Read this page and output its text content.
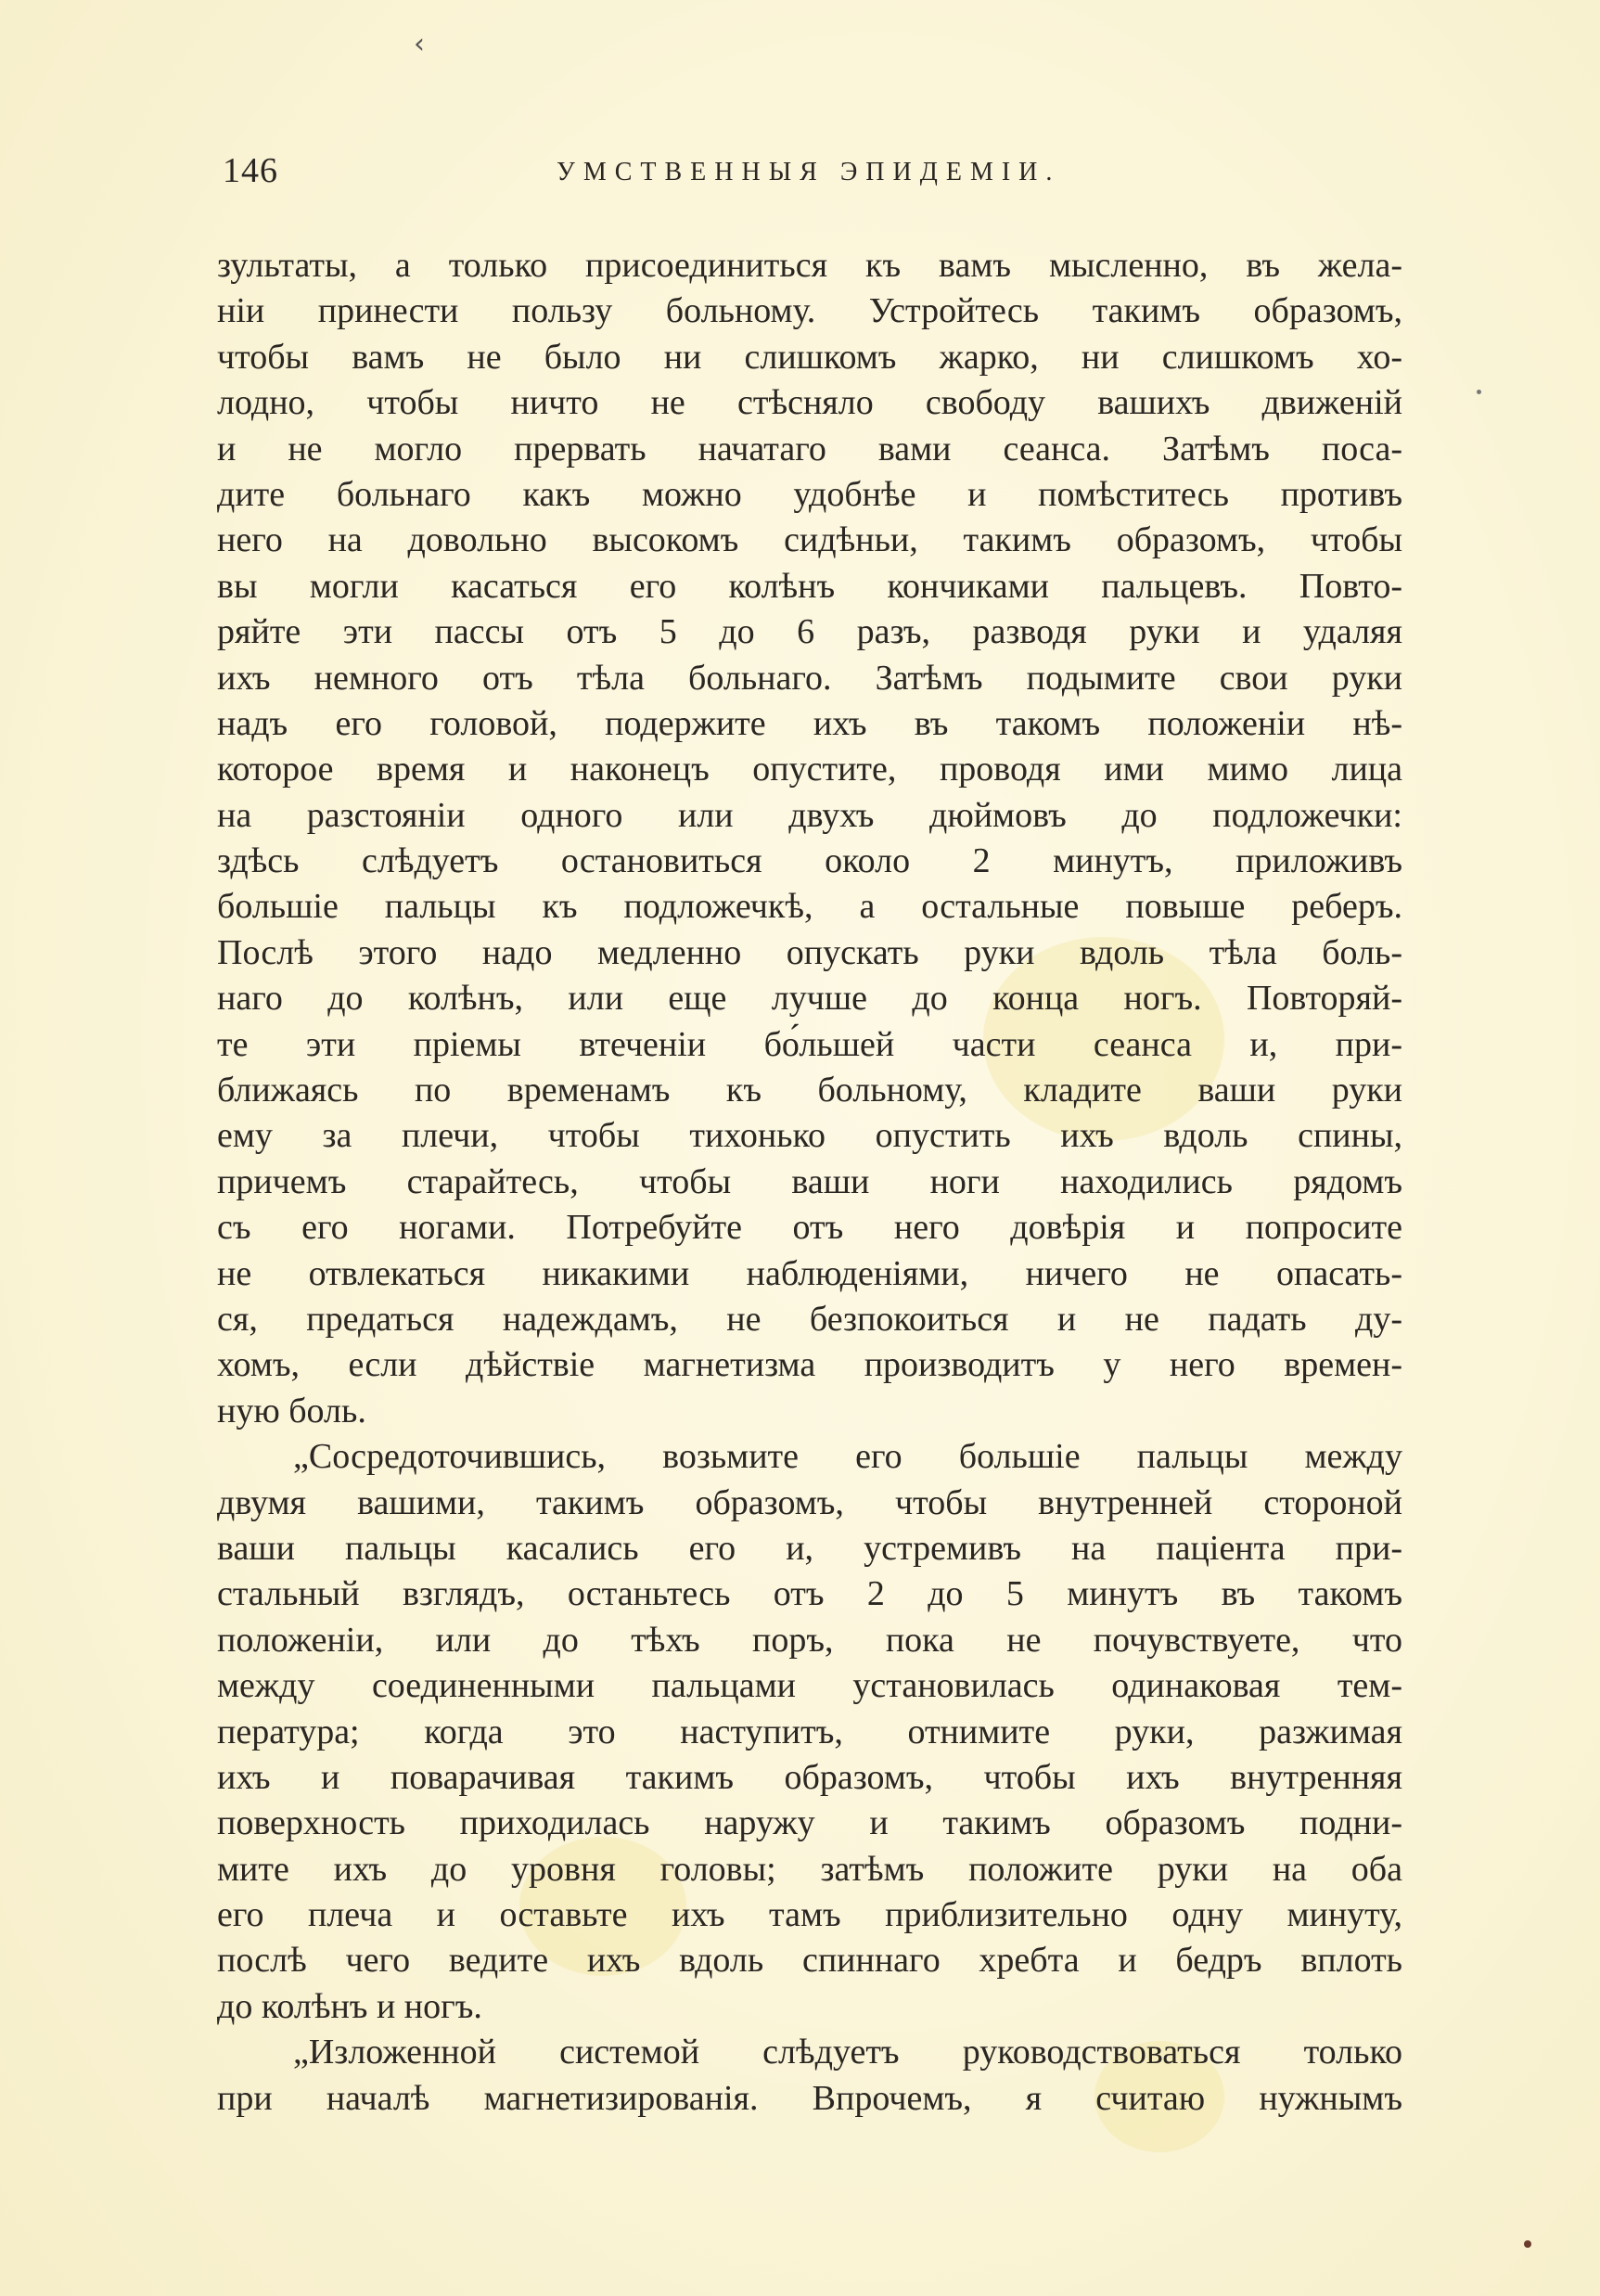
‹
146	УМСТВЕННЫЯ ЭПИДЕМІИ.
зультаты, а только присоединиться къ вамъ мысленно, въ жела-
ніи принести пользу больному. Устройтесь такимъ образомъ,
чтобы вамъ не было ни слишкомъ жарко, ни слишкомъ хо-
лодно, чтобы ничто не стѣсняло свободу вашихъ движеній
и не могло прервать начатаго вами сеанса. Затѣмъ поса-
дите больнаго какъ можно удобнѣе и помѣститесь противъ
него на довольно высокомъ сидѣньи, такимъ образомъ, чтобы
вы могли касаться его колѣнъ кончиками пальцевъ. Повто-
ряйте эти пассы отъ 5 до 6 разъ, разводя руки и удаляя
ихъ немного отъ тѣла больнаго. Затѣмъ подымите свои руки
надъ его головой, подержите ихъ въ такомъ положеніи нѣ-
которое время и наконецъ опустите, проводя ими мимо лица
на разстояніи одного или двухъ дюймовъ до подложечки:
здѣсь слѣдуетъ остановиться около 2 минутъ, приложивъ
большіе пальцы къ подложечкѣ, а остальные повыше реберъ.
Послѣ этого надо медленно опускать руки вдоль тѣла боль-
наго до колѣнъ, или еще лучше до конца ногъ. Повторяй-
те эти пріемы втеченіи бо́льшей части сеанса и, при-
ближаясь по временамъ къ больному, кладите ваши руки
ему за плечи, чтобы тихонько опустить ихъ вдоль спины,
причемъ старайтесь, чтобы ваши ноги находились рядомъ
съ его ногами. Потребуйте отъ него довѣрія и попросите
не отвлекаться никакими наблюденіями, ничего не опасать-
ся, предаться надеждамъ, не безпокоиться и не падать ду-
хомъ, если дѣйствіе магнетизма производитъ у него времен-
ную боль.
„Сосредоточившись, возьмите его большіе пальцы между
двумя вашими, такимъ образомъ, чтобы внутренней стороной
ваши пальцы касались его и, устремивъ на паціента при-
стальный взглядъ, останьтесь отъ 2 до 5 минутъ въ такомъ
положеніи, или до тѣхъ поръ, пока не почувствуете, что
между соединенными пальцами установилась одинаковая тем-
пература; когда это наступитъ, отнимите руки, разжимая
ихъ и поварачивая такимъ образомъ, чтобы ихъ внутренняя
поверхность приходилась наружу и такимъ образомъ подни-
мите ихъ до уровня головы; затѣмъ положите руки на оба
его плеча и оставьте ихъ тамъ приблизительно одну минуту,
послѣ чего ведите ихъ вдоль спиннаго хребта и бедръ вплоть
до колѣнъ и ногъ.
„Изложенной системой слѣдуетъ руководствоваться только
при началѣ магнетизированія. Впрочемъ, я считаю нужнымъ
